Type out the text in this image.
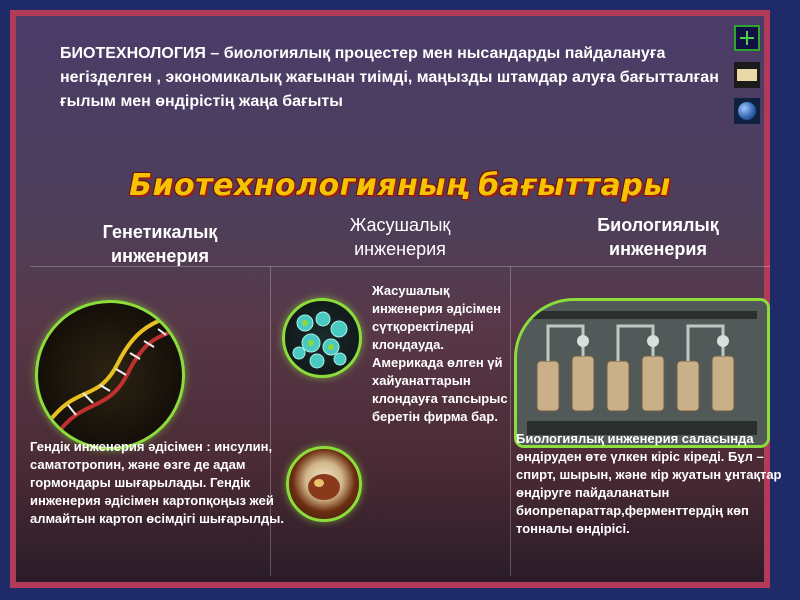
БИОТЕХНОЛОГИЯ – биологиялық процестер мен нысандарды пайдалануға негізделген , экономикалық жағынан тиімді, маңызды штамдар алуға бағытталған ғылым мен өндірістің жаңа бағыты
Биотехнологияның бағыттары
Генетикалық инженерия
Жасушалық инженерия
Биологиялық инженерия
Гендік инженерия әдісімен : инсулин, саматотропин, және өзге де адам гормондары шығарылады. Гендік инженерия әдісімен картопқоңыз жей алмайтын картоп өсімдігі шығарылды.
Жасушалық инженерия әдісімен сүтқоректілерді клондауда. Америкада өлген үй хайуанаттарын клондауға тапсырыс беретін фирма бар.
Биологиялық инженерия саласында өндіруден өте үлкен кіріс кіреді. Бұл – спирт, шырын, және кір жуатын ұнтақтар өндіруге пайдаланатын биопрепараттар,ферменттердің көп тонналы өндірісі.
